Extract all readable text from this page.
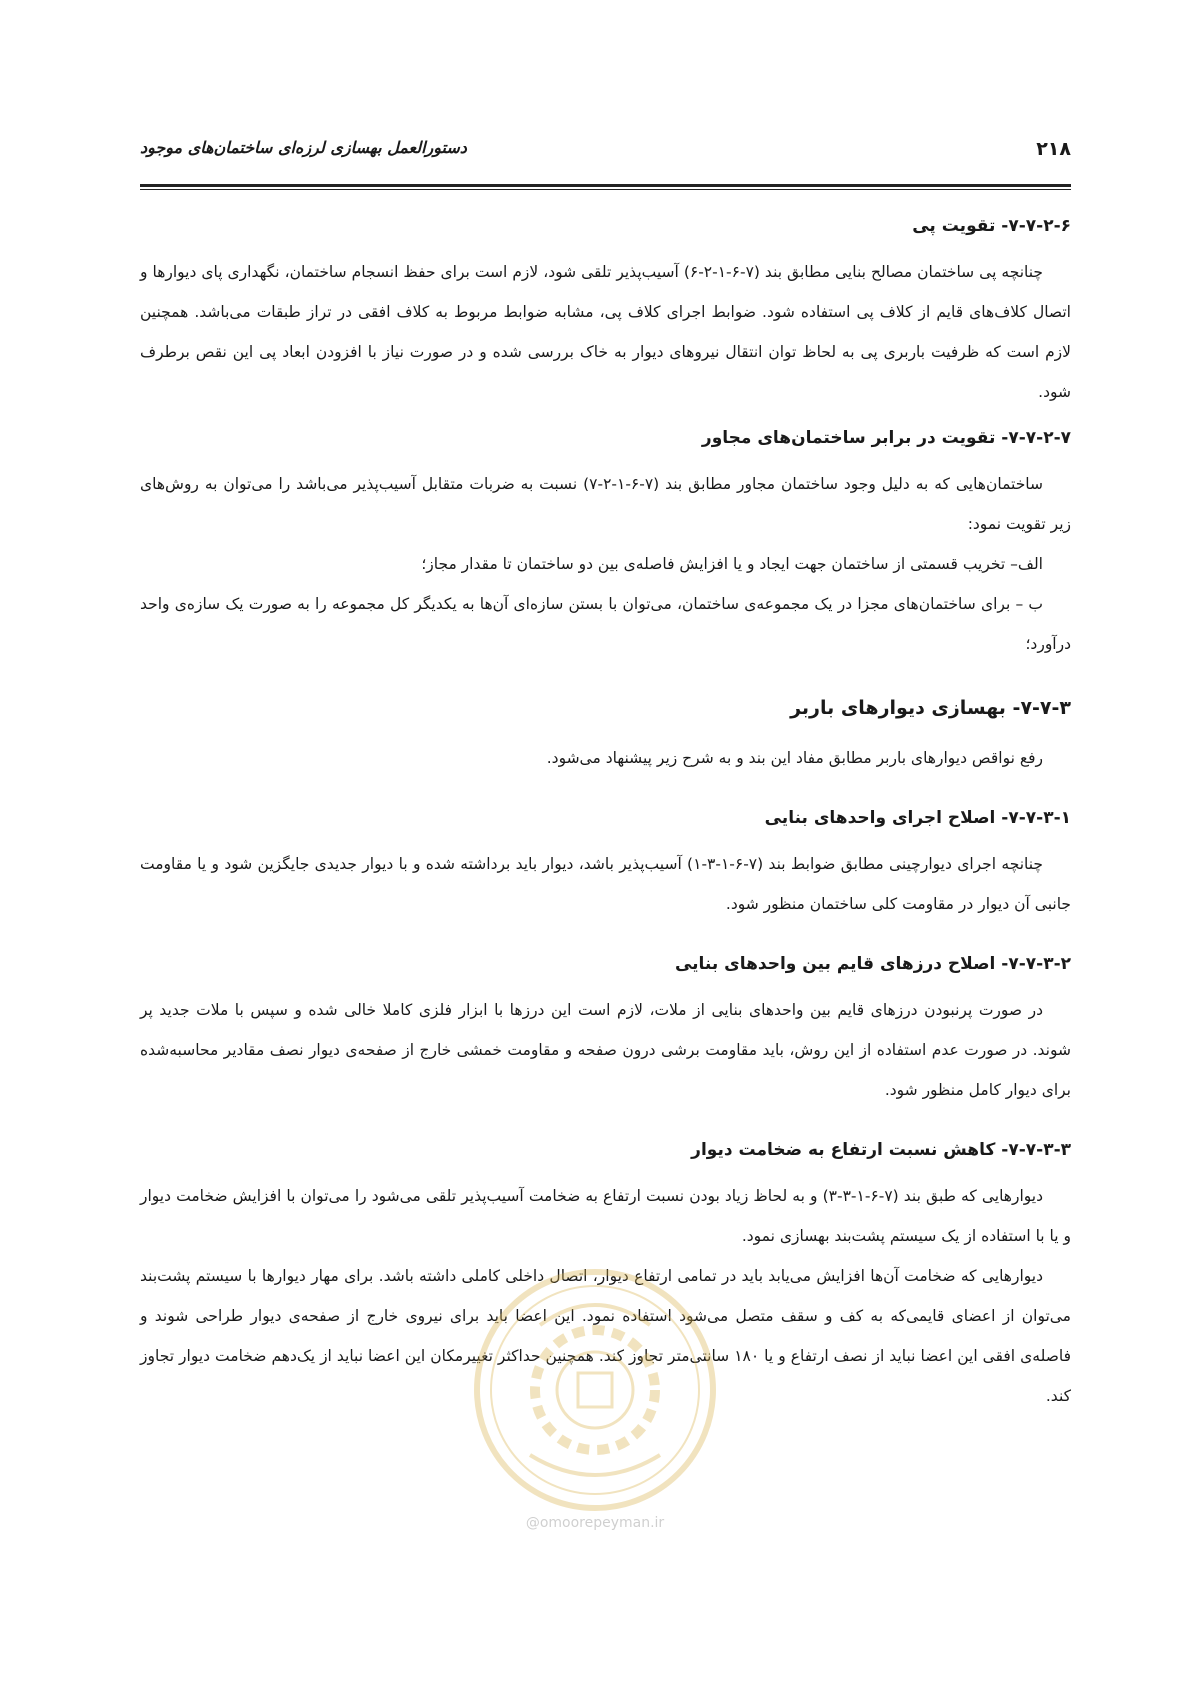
۲۱۸
دستورالعمل بهسازی لرزه‌ای ساختمان‌های موجود
۷-۷-۲-۶- تقویت پی

چنانچه پی ساختمان مصالح بنایی مطابق بند (۷-۶-۱-۲-۶) آسیب‌پذیر تلقی شود، لازم است برای حفظ انسجام ساختمان، نگهداری پای دیوارها و اتصال کلاف‌های قایم از کلاف پی استفاده شود. ضوابط اجرای کلاف پی، مشابه ضوابط مربوط به کلاف افقی در تراز طبقات می‌باشد. همچنین لازم است که ظرفیت باربری پی به لحاظ توان انتقال نیروهای دیوار به خاک بررسی شده و در صورت نیاز با افزودن ابعاد پی این نقص برطرف شود.

۷-۷-۲-۷- تقویت در برابر ساختمان‌های مجاور

ساختمان‌هایی که به دلیل وجود ساختمان مجاور مطابق بند (۷-۶-۱-۲-۷) نسبت به ضربات متقابل آسیب‌پذیر می‌باشد را می‌توان به روش‌های زیر تقویت نمود:

الف– تخریب قسمتی از ساختمان جهت ایجاد و یا افزایش فاصله‌ی بین دو ساختمان تا مقدار مجاز؛

ب – برای ساختمان‌های مجزا در یک مجموعه‌ی ساختمان، می‌توان با بستن سازه‌ای آن‌ها به یکدیگر کل مجموعه را به صورت یک سازه‌ی واحد درآورد؛

۷-۷-۳- بهسازی دیوارهای باربر

رفع نواقص دیوارهای باربر مطابق مفاد این بند و به شرح زیر پیشنهاد می‌شود.

۷-۷-۳-۱- اصلاح اجرای واحدهای بنایی

چنانچه اجرای دیوارچینی مطابق ضوابط بند (۷-۶-۱-۳-۱) آسیب‌پذیر باشد، دیوار باید برداشته شده و با دیوار جدیدی جایگزین شود و یا مقاومت جانبی آن دیوار در مقاومت کلی ساختمان منظور شود.

۷-۷-۳-۲- اصلاح درزهای قایم بین واحدهای بنایی

در صورت پرنبودن درزهای قایم بین واحدهای بنایی از ملات، لازم است این درزها با ابزار فلزی کاملا خالی شده و سپس با ملات جدید پر شوند. در صورت عدم استفاده از این روش، باید مقاومت برشی درون صفحه و مقاومت خمشی خارج از صفحه‌ی دیوار نصف مقادیر محاسبه‌شده برای دیوار کامل منظور شود.

۷-۷-۳-۳- کاهش نسبت ارتفاع به ضخامت دیوار

دیوارهایی که طبق بند (۷-۶-۱-۳-۳) و به لحاظ زیاد بودن نسبت ارتفاع به ضخامت آسیب‌پذیر تلقی می‌شود را می‌توان با افزایش ضخامت دیوار و یا با استفاده از یک سیستم پشت‌بند بهسازی نمود.

دیوارهایی که ضخامت آن‌ها افزایش می‌یابد باید در تمامی ارتفاع دیوار، اتصال داخلی کاملی داشته باشد. برای مهار دیوارها با سیستم پشت‌بند می‌توان از اعضای قایمی‌که به کف و سقف متصل می‌شود استفاده نمود. این اعضا باید برای نیروی خارج از صفحه‌ی دیوار طراحی شوند و فاصله‌ی افقی این اعضا نباید از نصف ارتفاع و یا ۱۸۰ سانتی‌متر تجاوز کند. همچنین حداکثر تغییرمکان این اعضا نباید از یک‌دهم ضخامت دیوار تجاوز کند.

@omoorepeyman.ir
